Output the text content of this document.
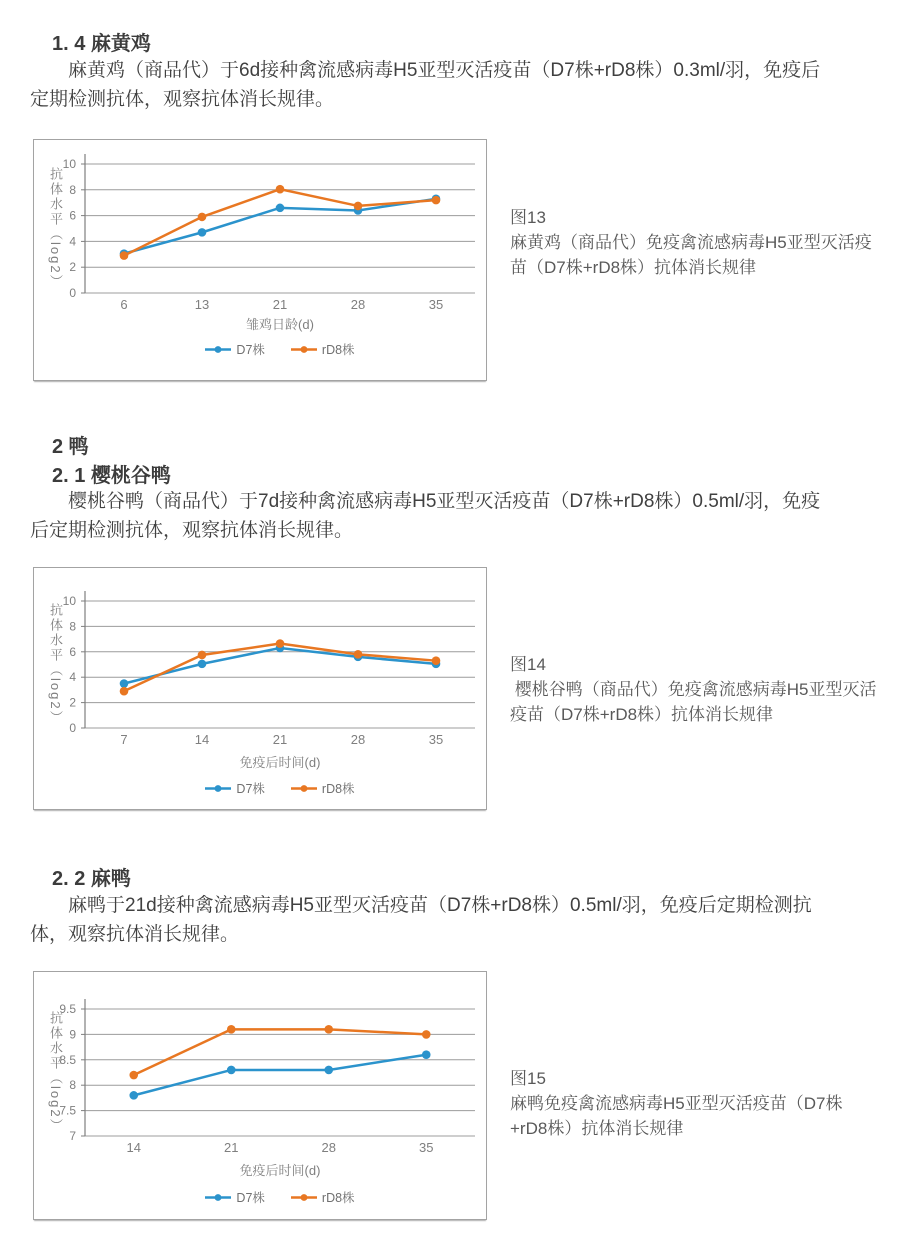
1. 4 麻黄鸡

麻黄鸡（商品代）于6d接种禽流感病毒H5亚型灭活疫苗（D7株+rD8株）0.3ml/羽，免疫后
定期检测抗体，观察抗体消长规律。

0
2
4
6
8
10
6	13	21	28	35
雏鸡日龄(d)
抗体水平（log2）
D7株	rD8株
图13
麻黄鸡（商品代）免疫禽流感病毒H5亚型灭活疫
苗（D7株+rD8株）抗体消长规律
2 鸭
2. 1 樱桃谷鸭

樱桃谷鸭（商品代）于7d接种禽流感病毒H5亚型灭活疫苗（D7株+rD8株）0.5ml/羽，免疫
后定期检测抗体，观察抗体消长规律。

0
2
4
6
8
10
7	14	21	28	35
免疫后时间(d)
抗体水平（log2）
D7株	rD8株
图14
樱桃谷鸭（商品代）免疫禽流感病毒H5亚型灭活
疫苗（D7株+rD8株）抗体消长规律
2. 2 麻鸭

麻鸭于21d接种禽流感病毒H5亚型灭活疫苗（D7株+rD8株）0.5ml/羽，免疫后定期检测抗
体，观察抗体消长规律。

7
7.5
8
8.5
9
9.5
14	21	28	35
免疫后时间(d)
抗体水平（log2）
D7株	rD8株
图15
麻鸭免疫禽流感病毒H5亚型灭活疫苗（D7株
+rD8株）抗体消长规律
